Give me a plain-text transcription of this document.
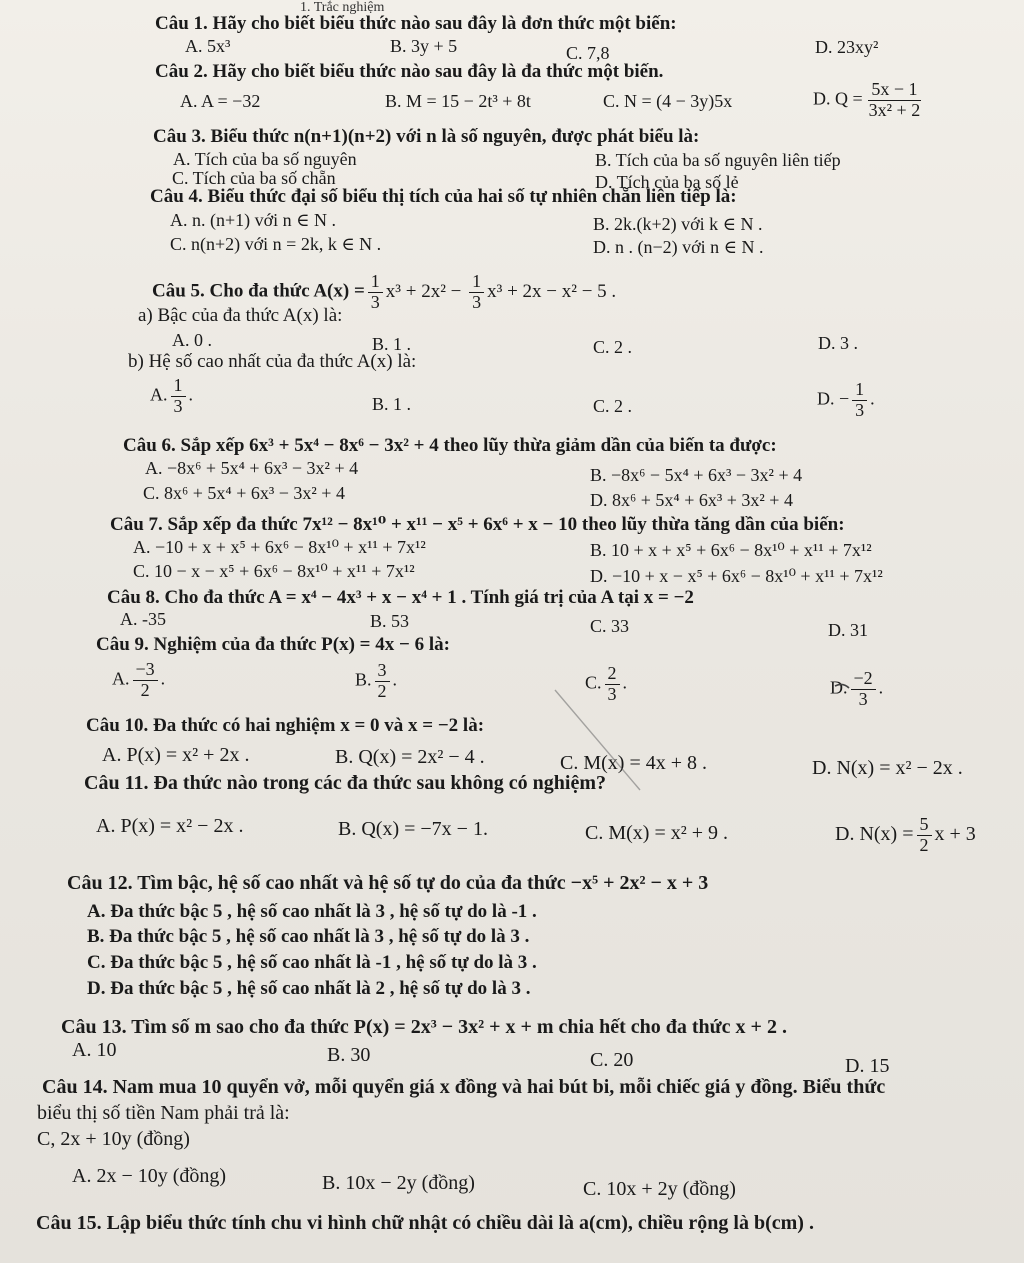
1. Trắc nghiệm
Câu 1. Hãy cho biết biểu thức nào sau đây là đơn thức một biến:
A. 5x³	B. 3y + 5	C. 7,8	D. 23xy²
Câu 2. Hãy cho biết biểu thức nào sau đây là đa thức một biến.
A. A = −32	B. M = 15 − 2t³ + 8t	C. N = (4 − 3y)5x	D. $Q = \frac{5x - 1}{\text{3x² + 2}}$
Câu 3. Biểu thức n(n+1)(n+2) với n là số nguyên, được phát biểu là:
A. Tích của ba số nguyên	B. Tích của ba số nguyên liên tiếp
C. Tích của ba số chẵn	D. Tích của ba số lẻ
Câu 4. Biểu thức đại số biểu thị tích của hai số tự nhiên chẵn liên tiếp là:
A. n. (n+1) với n ∈ N .	B. 2k.(k+2) với k ∈ N .
C. n(n+2) với n = 2k, k ∈ N .	D. n . (n−2) với n ∈ N .
Câu 5. Cho đa thức $A(x) = \frac{1}{3} x^3 + 2x^2 - \frac{1}{3} x^3 + 2x - x^2 - 5$ .
a) Bậc của đa thức A(x) là:
A. 0 .	B. 1 .	C. 2 .	D. 3 .
b) Hệ số cao nhất của đa thức A(x) là:
A. $\frac{1}{3}$ .	B. 1 .	C. 2 .	D. − $\frac{1}{3}$ .
Câu 6. Sắp xếp 6x³ + 5x⁴ − 8x⁶ − 3x² + 4 theo lũy thừa giảm dần của biến ta được:
A. −8x⁶ + 5x⁴ + 6x³ − 3x² + 4	B. −8x⁶ − 5x⁴ + 6x³ − 3x² + 4
C. 8x⁶ + 5x⁴ + 6x³ − 3x² + 4	D. 8x⁶ + 5x⁴ + 6x³ + 3x² + 4
Câu 7. Sắp xếp đa thức 7x¹² − 8x¹⁰ + x¹¹ − x⁵ + 6x⁶ + x − 10 theo lũy thừa tăng dần của biến:
A. −10 + x + x⁵ + 6x⁶ − 8x¹⁰ + x¹¹ + 7x¹²	B. 10 + x + x⁵ + 6x⁶ − 8x¹⁰ + x¹¹ + 7x¹²
C. 10 − x − x⁵ + 6x⁶ − 8x¹⁰ + x¹¹ + 7x¹²	D. −10 + x − x⁵ + 6x⁶ − 8x¹⁰ + x¹¹ + 7x¹²
Câu 8. Cho đa thức A = x⁴ − 4x³ + x − x⁴ + 1 . Tính giá trị của A tại x = −2
A. -35	B. 53	C. 33	D. 31
Câu 9. Nghiệm của đa thức P(x) = 4x − 6 là:
A. $\frac{-3}{2}$ .	B. $\frac{3}{2}$ .	C. $\frac{2}{3}$ .	D. $\frac{-2}{3}$ .
Câu 10. Đa thức có hai nghiệm x = 0 và x = −2 là:
A. P(x) = x² + 2x .	B. Q(x) = 2x² − 4 .	C. M(x) = 4x + 8 .	D. N(x) = x² − 2x .
Câu 11. Đa thức nào trong các đa thức sau không có nghiệm?
A. P(x) = x² − 2x .	B. Q(x) = −7x − 1.	C. M(x) = x² + 9 .	D. $N(x) = \frac{5}{2}$ x + 3
Câu 12. Tìm bậc, hệ số cao nhất và hệ số tự do của đa thức −x⁵ + 2x² − x + 3
A. Đa thức bậc 5 , hệ số cao nhất là 3 , hệ số tự do là -1 .
B. Đa thức bậc 5 , hệ số cao nhất là 3 , hệ số tự do là 3 .
C. Đa thức bậc 5 , hệ số cao nhất là -1 , hệ số tự do là 3 .
D. Đa thức bậc 5 , hệ số cao nhất là 2 , hệ số tự do là 3 .
Câu 13. Tìm số m sao cho đa thức P(x) = 2x³ − 3x² + x + m chia hết cho đa thức x + 2 .
A. 10	B. 30	C. 20	D. 15
Câu 14. Nam mua 10 quyển vở, mỗi quyển giá x đồng và hai bút bi, mỗi chiếc giá y đồng. Biểu thức
biểu thị số tiền Nam phải trả là:
C, 2x + 10y (đồng)
A. 2x − 10y (đồng)	B. 10x − 2y (đồng)	C. 10x + 2y (đồng)
Câu 15. Lập biểu thức tính chu vi hình chữ nhật có chiều dài là a(cm), chiều rộng là b(cm) .
